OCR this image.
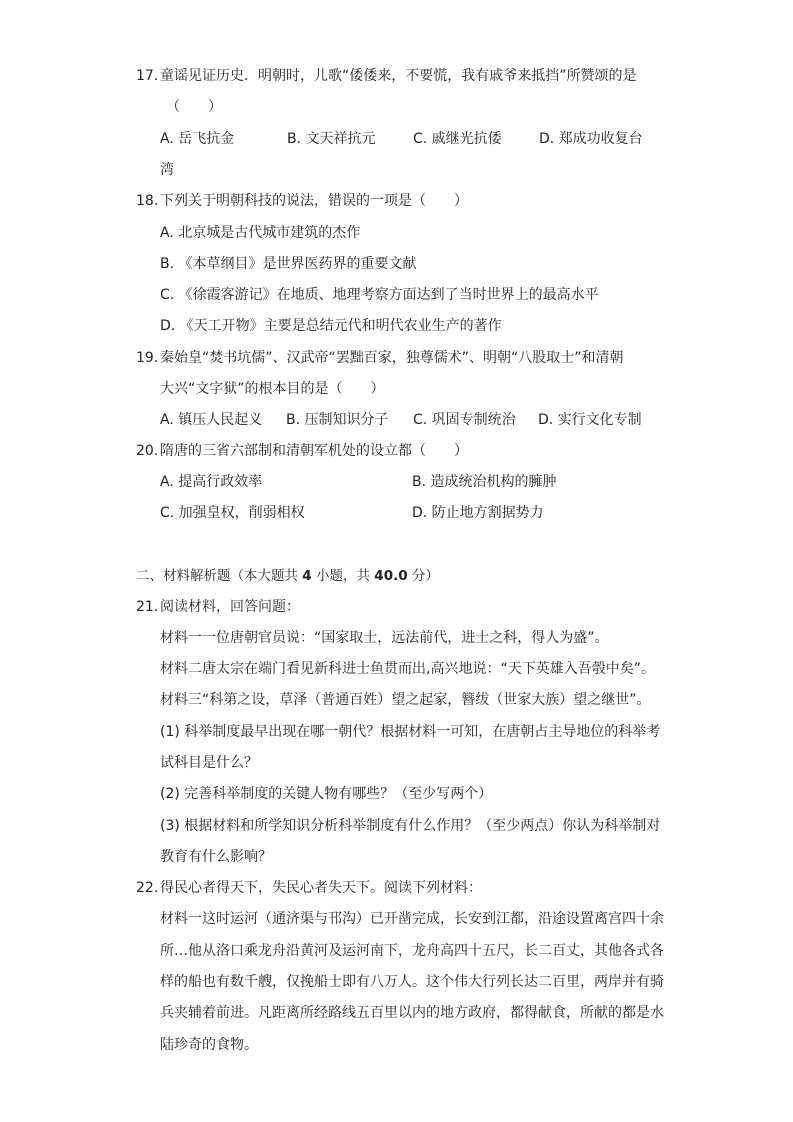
17. 童谣见证历史．明朝时，儿歌“倭倭来，不要慌，我有戚爷来抵挡”所赞颂的是
（　　）
A. 岳飞抗金	B. 文天祥抗元	C. 戚继光抗倭	D. 郑成功收复台
湾
18. 下列关于明朝科技的说法，错误的一项是（　　）
A. 北京城是古代城市建筑的杰作
B. 《本草纲目》是世界医药界的重要文献
C. 《徐霞客游记》在地质、地理考察方面达到了当时世界上的最高水平
D. 《天工开物》主要是总结元代和明代农业生产的著作
19. 秦始皇“焚书坑儒”、汉武帝“罢黜百家，独尊儒术”、明朝“八股取士”和清朝
大兴“文字狱”的根本目的是（　　）
A. 镇压人民起义 B. 压制知识分子 C. 巩固专制统治 D. 实行文化专制
20. 隋唐的三省六部制和清朝军机处的设立都（　　）
A. 提高行政效率	B. 造成统治机构的臃肿
C. 加强皇权，削弱相权	D. 防止地方割据势力
二、材料解析题（本大题共 4 小题，共 40.0 分）
21. 阅读材料，回答问题：
材料一一位唐朝官员说：“国家取士，远法前代，进士之科，得人为盛”。
材料二唐太宗在端门看见新科进士鱼贯而出,高兴地说：“天下英雄入吾彀中矣”。
材料三“科第之设，草泽（普通百姓）望之起家，簪绂（世家大族）望之继世”。
(1) 科举制度最早出现在哪一朝代？根据材料一可知，在唐朝占主导地位的科举考
试科目是什么？
(2) 完善科举制度的关键人物有哪些？（至少写两个）
(3) 根据材料和所学知识分析科举制度有什么作用？（至少两点）你认为科举制对
教育有什么影响？
22. 得民心者得天下，失民心者失天下。阅读下列材料：
材料一这时运河（通济渠与邗沟）已开凿完成，长安到江都，沿途设置离宫四十余
所…他从洛口乘龙舟沿黄河及运河南下，龙舟高四十五尺，长二百丈，其他各式各
样的船也有数千艘，仅挽船士即有八万人。这个伟大行列长达二百里，两岸并有骑
兵夹辅着前进。凡距离所经路线五百里以内的地方政府，都得献食，所献的都是水
陆珍奇的食物。
